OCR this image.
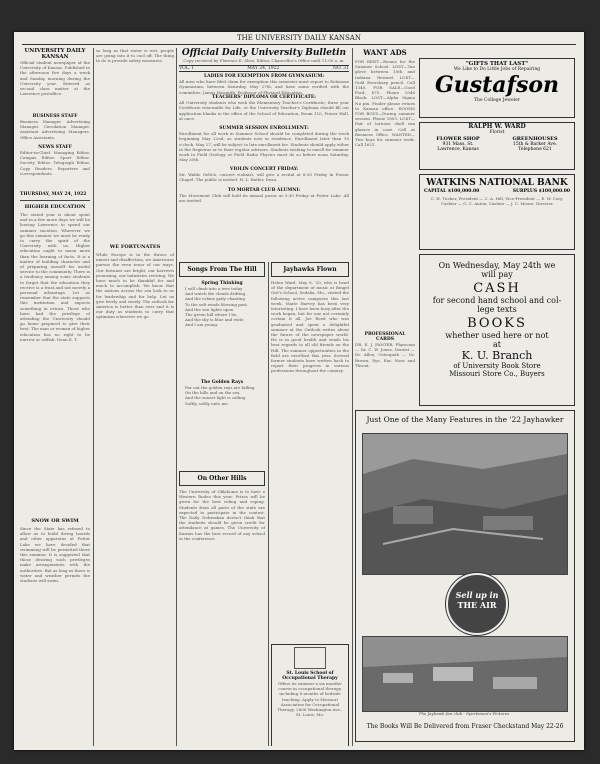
THE UNIVERSITY DAILY KANSAN
UNIVERSITY DAILY KANSAN
Official student newspaper of the University of Kansas. Published in the afternoon five days a week and Sunday morning during the University year. Entered as second class matter at the Lawrence postoffice.
BUSINESS STAFF
Business Manager. Advertising Manager. Circulation Manager. Assistant Advertising Managers. Office Assistants.
NEWS STAFF
Editor-in-Chief. Managing Editor. Campus Editor. Sport Editor. Society Editor. Telegraph Editor. Copy Readers. Reporters and correspondents.
THURSDAY, MAY 24, 1922
HIGHER EDUCATION
The stated year is about spent and in a few more days we will be leaving Lawrence to spend our summer vacation. Wherever we go this summer we must be ready to carry the spirit of the University with us. Higher education ought to mean more than the learning of facts. It is a matter of building character and of preparing oneself for useful service to the community. There is a tendency among some students to forget that the education they receive is a trust and not merely a personal advantage. Let us remember that the state supports this institution and expects something in return. Those who have had the privilege of attending the University should go home prepared to give their best. The man or woman of higher education has no right to be narrow or selfish. Dean E. T.
SNOW OR SWIM
Since the State has refused to allow us to build diving boards and other apparatus at Potter Lake we have decided that swimming will be permitted there this summer. It is suggested that those desiring such privileges make arrangements with the authorities. But as long as there is water and weather permits the students will swim.
so long as that water is wet, people are going into it to cool off. The thing to do is provide safety measures.
WE FORTUNATES
While Europe is in the throes of unrest and disaffection, we Americans pursue the even tenor of our ways. Our fortunes are bright, our harvests promising, our industries reviving. We have much to be thankful for and much to accomplish. We know that the nations across the sea look to us for leadership and for help. Let us give freely and wisely. The outlook for America is better than ever and it is our duty as students to carry that optimism wherever we go.
Official Daily University Bulletin
Copy received by Florence E. Slise, Editor, Chancellor's Office until 11:00 a. m.
VOL. I	MAY 24, 1922	NO. 31
LADIES FOR EXEMPTION FROM GYMNASIUM:
All men who have filed claim for exemption this semester must report to Robinson Gymnasium, between Saturday, May 27th, and have same verified with the committee. James Naismith, Professor of Physical Education.
TEACHERS' DIPLOMA OR CERTIFICATE:
All University students who wish the Elementary Teacher's Certificate, three year Certificate renewable for Life, or the University Teacher's Diploma should fill out application blanks in the office of the School of Education, Room 110, Fraser Hall, at once.
SUMMER SESSION ENROLLMENT:
Enrollment for all work in Summer School should be completed during the week beginning May 22nd, as students now in residence. Enrollment later than 10 o'clock, May 27, will be subject to late enrollment fee. Students should apply either to the Registrar or to their regular advisers. Students wishing to enroll for summer work in Field Geology or Field Radio Physics must do so before noon Saturday, May 20th.
VIOLIN CONCERT FRIDAY:
Mr. Waldo Geltch, concert violinist, will give a recital at 8:30 Friday in Fraser Chapel. The public is invited. H. L. Butler, Dean.
TO MORTAR CLUB ALUMNI:
The Movement Club will hold its annual picnic at 5:30 Friday at Potter Lake. All are invited.
Songs From The Hill
Spring Thinking
I will climb into a tree today
And watch the clouds drifting
And the robins gaily chanting
To the soft winds blowing past.
And the sun lights upon
The green hill where I lie,
And the sky is blue and wide,
And I am young.
The Golden Rays
Far out the golden rays are falling
On the hills and on the sea,
And the sunset light is calling
Softly, softly unto me.
On Other Hills
The University of Oklahoma is to have a Western Rodeo this year. Prizes will be given for the best riding and roping. Students from all parts of the state are expected to participate in the contest. The Daily Nebraskan doesn't think that the students should be given credit for attendance at games. The University of Kansas has the best record of any school in the conference.
Jayhawks Flown
Helen Ward, May 9, '20, who is head of the department of music at Ringel Girl's School, Sedalia, Mo., visited the following active campuses this last week. Marie Harvey has been very interesting. I have been busy after the work began, but for one not certainly certain it all. Joe Reed who was graduated and spent a delightful summer at the Outlook writes about the future of the newspaper world. He is in good health and sends his best regards to all old friends on the Hill. The summer opportunities in the field are excellent this year. Several former students have written back to report their progress in various professions throughout the country.
St. Louis School of Occupational Therapy
Offers its summer a six months' course in occupational therapy, including 8 months of bedside teaching. Apply to Missouri Association for Occupational Therapy, 2608 Washington Ave., St. Louis, Mo.
WANT ADS
FOR RENT—Rooms for the Summer School. LOST—Tan glove between 10th and Indiana. Reward. LOST—Gold Eversharp pencil. Call 1340. FOR SALE—Good Ford, $75. Phone 2046 Black. LOST—Alpha Sigma Nu pin. Finder please return to Kansan office. ROOMS FOR BOYS—During summer session. Phone 1803. LOST—Pair of tortoise shell rim glasses in case. Call at Business Office. WANTED—Two boys for summer work. Call 1621.
PROFESSIONAL CARDS
DR. E. J. PANTER, Physician — Dr. C. W. Jones, Dentist — Dr. Allen, Osteopath — Dr. Brown, Eye, Ear, Nose and Throat.
"GIFTS THAT LAST"
We Like to Do Little Jobs of Repairing
Gustafson
The College Jeweler
RALPH W. WARD
Florist
FLOWER SHOP
931 Mass. St.
Lawrence, Kansas
GREENHOUSES
15th & Barker Ave.
Telephone 621
WATKINS NATIONAL BANK
CAPITAL $100,000.00	SURPLUS $100,000.00
C. H. Tucker, President — C. A. Hill, Vice-President — E. W. Cory, Cashier — O. C. Anton, Cashier — J. C. Moore, Director
On Wednesday, May 24th we
will pay
CASH
for second hand school and col-
lege texts
BOOKS
whether used here or not
at
K. U. Branch
of University Book Store
Missouri Store Co., Buyers
Just One of the Many Features in the '22 Jayhawker
Sell up in
THE AIR
The Jayhawk fan club - Sportsman's Pictures
The Books Will Be Delivered from Fraser Checkstand May 22-26
